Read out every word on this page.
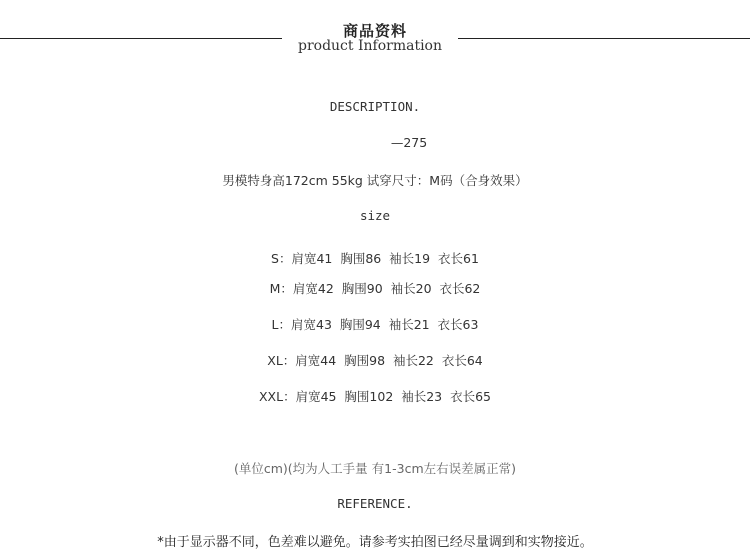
商品资料
product Information
DESCRIPTION.
—275
男模特身高172cm 55kg 试穿尺寸：M码（合身效果）
size
S：肩宽41  胸围86  袖长19  衣长61
M：肩宽42  胸围90  袖长20  衣长62
L：肩宽43  胸围94  袖长21  衣长63
XL：肩宽44  胸围98  袖长22  衣长64
XXL：肩宽45  胸围102  袖长23  衣长65
(单位cm)(均为人工手量 有1-3cm左右误差属正常)
REFERENCE.
*由于显示器不同，色差难以避免。请参考实拍图已经尽量调到和实物接近。
